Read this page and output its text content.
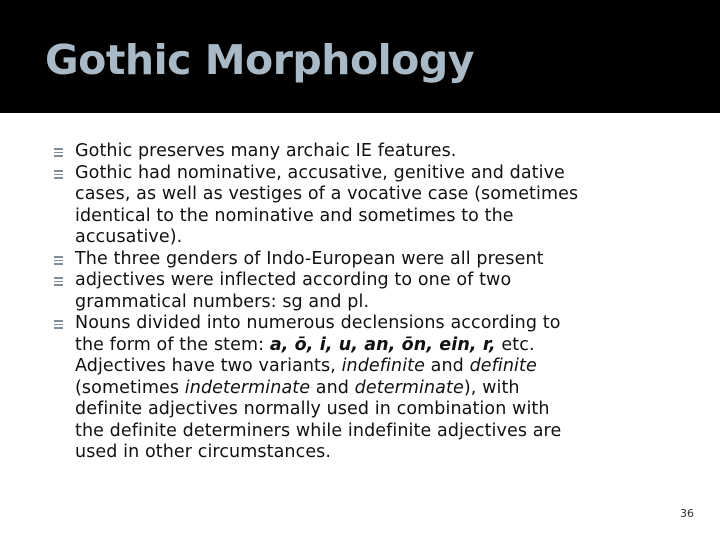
Gothic Morphology
Gothic preserves many archaic IE features.
Gothic had nominative, accusative, genitive and dative
cases, as well as vestiges of a vocative case (sometimes
identical to the nominative and sometimes to the
accusative).
The three genders of Indo-European were all present
adjectives were inflected according to one of two
grammatical numbers: sg and pl.
Nouns divided into numerous declensions according to
the form of the stem: a, ō, i, u, an, ōn, ein, r, etc.
Adjectives have two variants, indefinite and definite
(sometimes indeterminate and determinate), with
definite adjectives normally used in combination with
the definite determiners while indefinite adjectives are
used in other circumstances.
36
